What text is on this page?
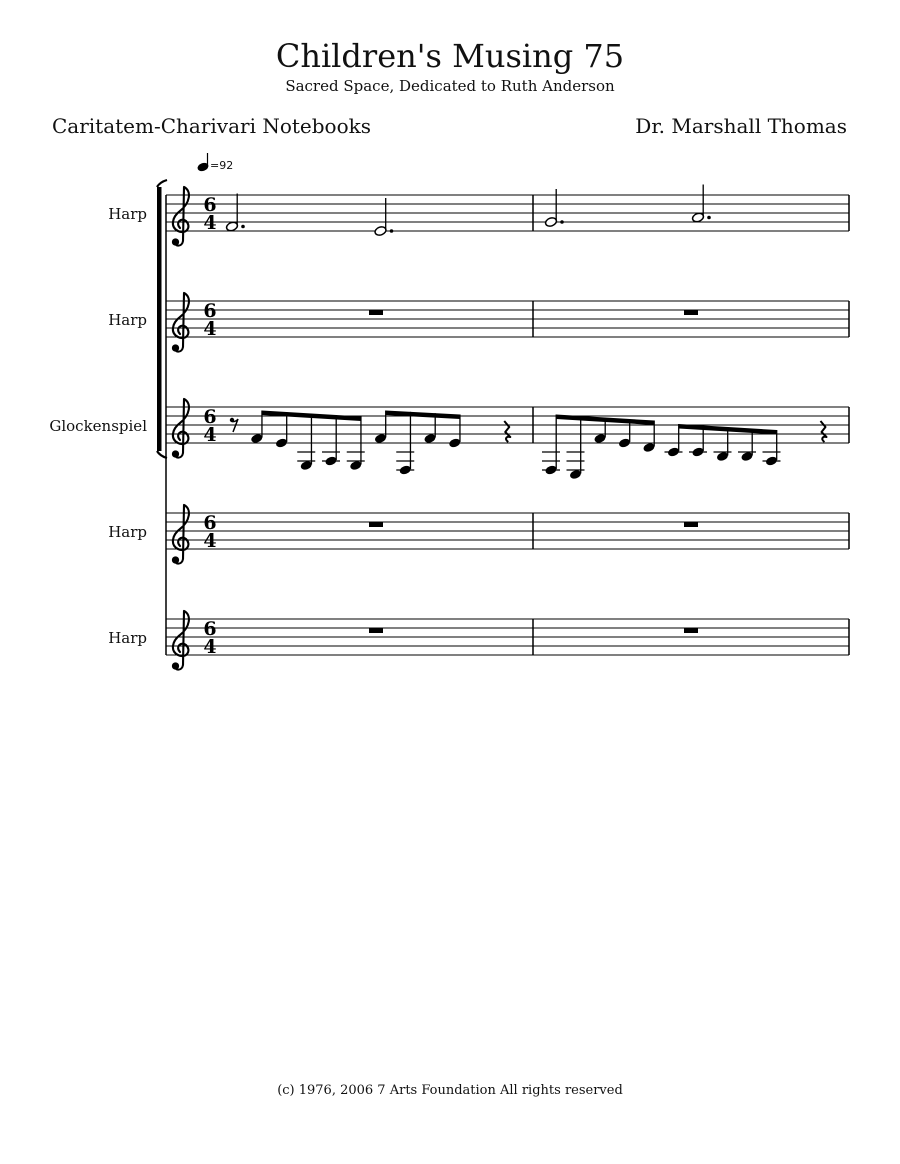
Children's Musing 75
Sacred Space, Dedicated to Ruth Anderson
Caritatem-Charivari Notebooks	Dr. Marshall Thomas
=92
Harp	6
4
Harp	6
4
Glockenspiel	6
4
Harp	6
4
Harp	6
4
(c) 1976, 2006 7 Arts Foundation All rights reserved
